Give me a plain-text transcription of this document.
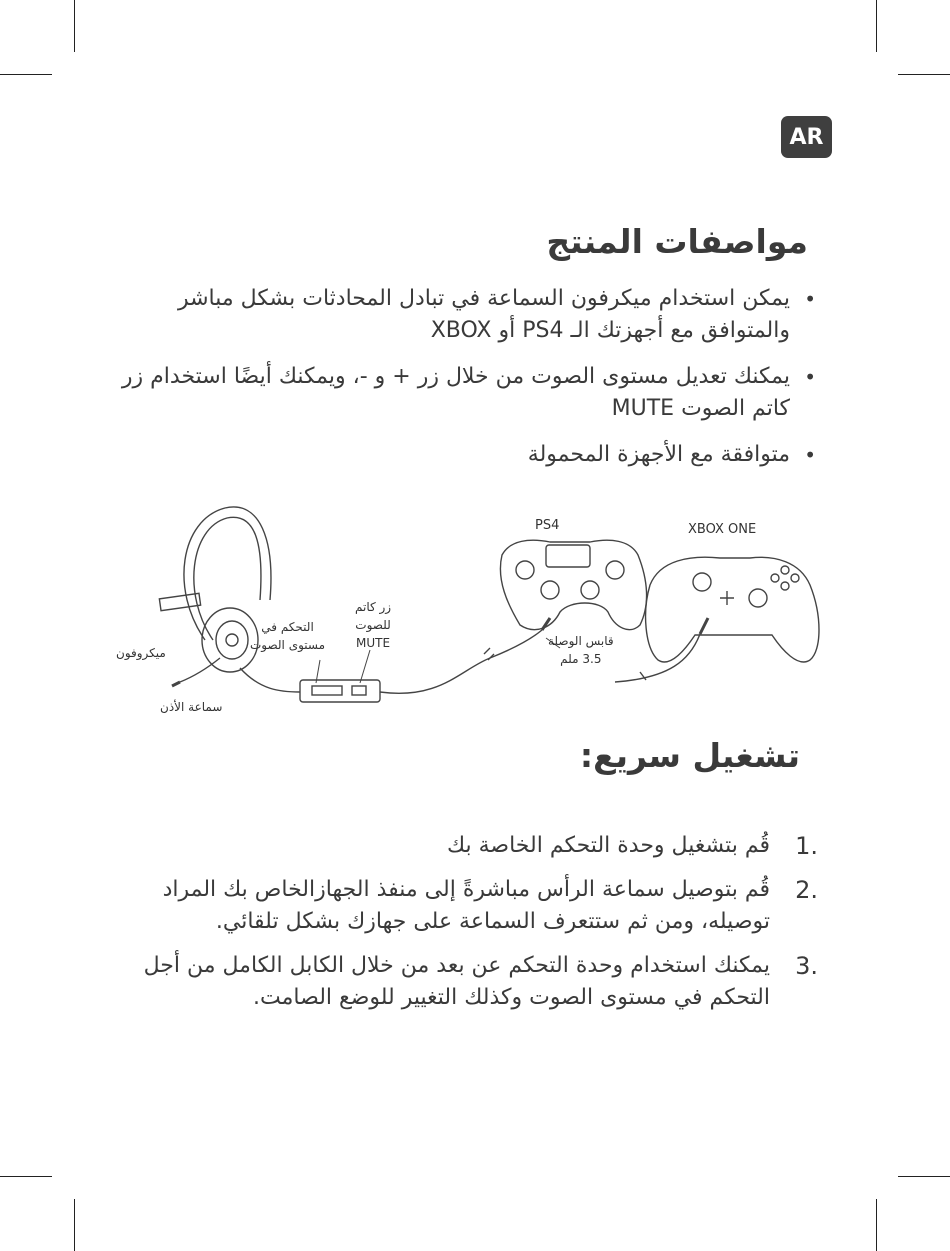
AR
مواصفات المنتج
• يمكن استخدام ميكرفون السماعة في تبادل المحادثات بشكل مباشر والمتوافق مع أجهزتك الـ PS4 أو XBOX
• يمكنك تعديل مستوى الصوت من خلال زر + و -، ويمكنك أيضًا استخدام زر كاتم الصوت MUTE
• متوافقة مع الأجهزة المحمولة
PS4	XBOX ONE
زر كاتم
للصوت
MUTE
التحكم في
مستوى الصوت	قابس الوصلة
3.5 ملم
ميكروفون
سماعة الأذن
تشغيل سريع:
1.
قُم بتشغيل وحدة التحكم الخاصة بك
2.
قُم بتوصيل سماعة الرأس مباشرةً إلى منفذ الجهازالخاص بك المراد توصيله، ومن ثم ستتعرف السماعة على جهازك بشكل تلقائي.
3.
يمكنك استخدام وحدة التحكم عن بعد من خلال الكابل الكامل من أجل التحكم في مستوى الصوت وكذلك التغيير للوضع الصامت.
